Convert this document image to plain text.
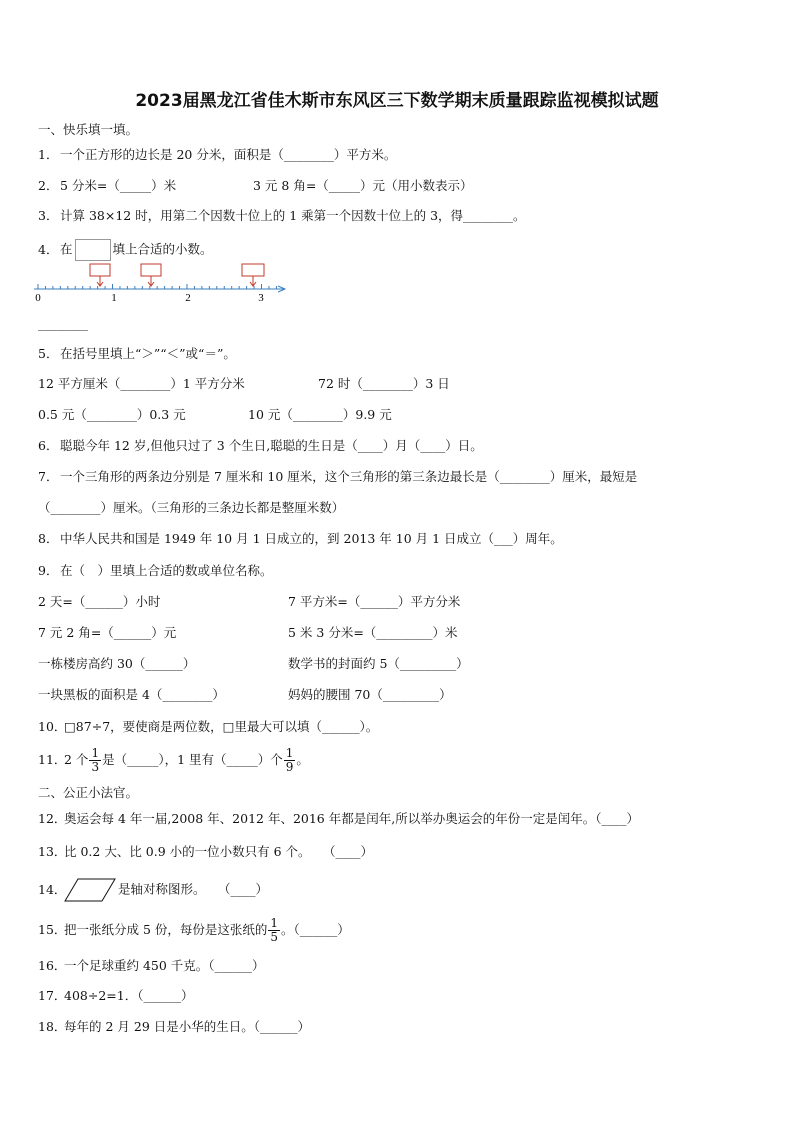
2023届黑龙江省佳木斯市东风区三下数学期末质量跟踪监视模拟试题
一、快乐填一填。
1． 一个正方形的边长是 20 分米，面积是（________）平方米。
2． 5 分米=（_____）米	3 元 8 角=（_____）元（用小数表示）
3． 计算 38×12 时，用第二个因数十位上的 1 乘第一个因数十位上的 3，得________。
4． 在	填上合适的小数。
0	1	2	3
________
5． 在括号里填上“＞”“＜”或“＝”。
12 平方厘米（________）1 平方分米	72 时（________）3 日
0.5 元（________）0.3 元	10 元（________）9.9 元
6． 聪聪今年 12 岁,但他只过了 3 个生日,聪聪的生日是（____）月（____）日。
7． 一个三角形的两条边分别是 7 厘米和 10 厘米，这个三角形的第三条边最长是（________）厘米，最短是
（________）厘米。（三角形的三条边长都是整厘米数）
8． 中华人民共和国是 1949 年 10 月 1 日成立的，到 2013 年 10 月 1 日成立（___）周年。
9． 在（　）里填上合适的数或单位名称。
2 天=（______）小时	7 平方米=（______）平方分米
7 元 2 角=（______）元	5 米 3 分米=（_________）米
一栋楼房高约 30（______）	数学书的封面约 5（_________）
一块黑板的面积是 4（________）	妈妈的腰围 70（_________）
10．□87÷7，要使商是两位数，□里最大可以填（______）。
11．2 个 $\frac{1}{3}$ 是（_____），1 里有（_____）个 $\frac{1}{9}$ 。
二、公正小法官。
12．奥运会每 4 年一届,2008 年、2012 年、2016 年都是闰年,所以举办奥运会的年份一定是闰年。（____）
13．比 0.2 大、比 0.9 小的一位小数只有 6 个。　　（____）
14．	是轴对称图形。　　（____）
15．把一张纸分成 5 份，每份是这张纸的 $\frac{1}{5}$ 。（______）
16．一个足球重约 450 千克。（______）
17．408÷2=1．（______）
18．每年的 2 月 29 日是小华的生日。（______）
